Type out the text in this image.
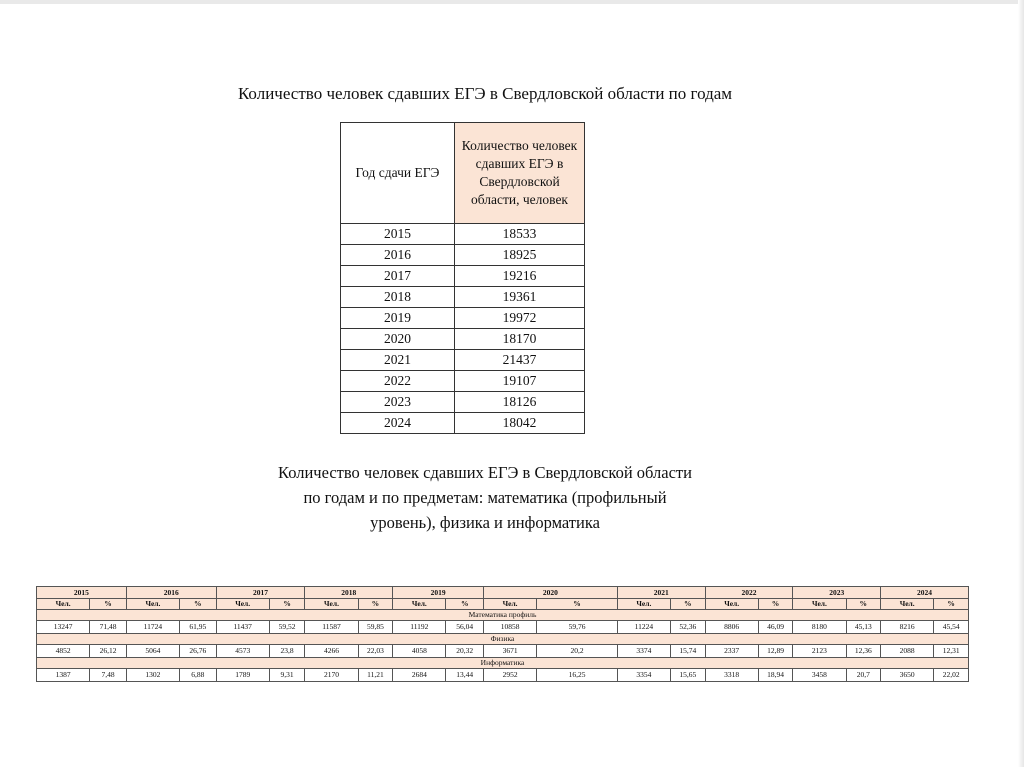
Количество человек сдавших ЕГЭ в Свердловской области по годам
Год сдачи ЕГЭ	Количество человек сдавших ЕГЭ в Свердловской области, человек
2015	18533
2016	18925
2017	19216
2018	19361
2019	19972
2020	18170
2021	21437
2022	19107
2023	18126
2024	18042
Количество человек сдавших ЕГЭ в Свердловской области по годам и по предметам: математика (профильный уровень), физика и информатика
2015		2016		2017		2018		2019		2020		2021		2022		2023		2024	
Чел.	%	Чел.	%	Чел.	%	Чел.	%	Чел.	%	Чел.	%	Чел.	%	Чел.	%	Чел.	%	Чел.	%
Математика профиль																			
13247	71,48	11724	61,95	11437	59,52	11587	59,85	11192	56,04	10858	59,76	11224	52,36	8806	46,09	8180	45,13	8216	45,54
Физика																			
4852	26,12	5064	26,76	4573	23,8	4266	22,03	4058	20,32	3671	20,2	3374	15,74	2337	12,89	2123	12,36	2088	12,31
Информатика																			
1387	7,48	1302	6,88	1789	9,31	2170	11,21	2684	13,44	2952	16,25	3354	15,65	3318	18,94	3458	20,7	3650	22,02
